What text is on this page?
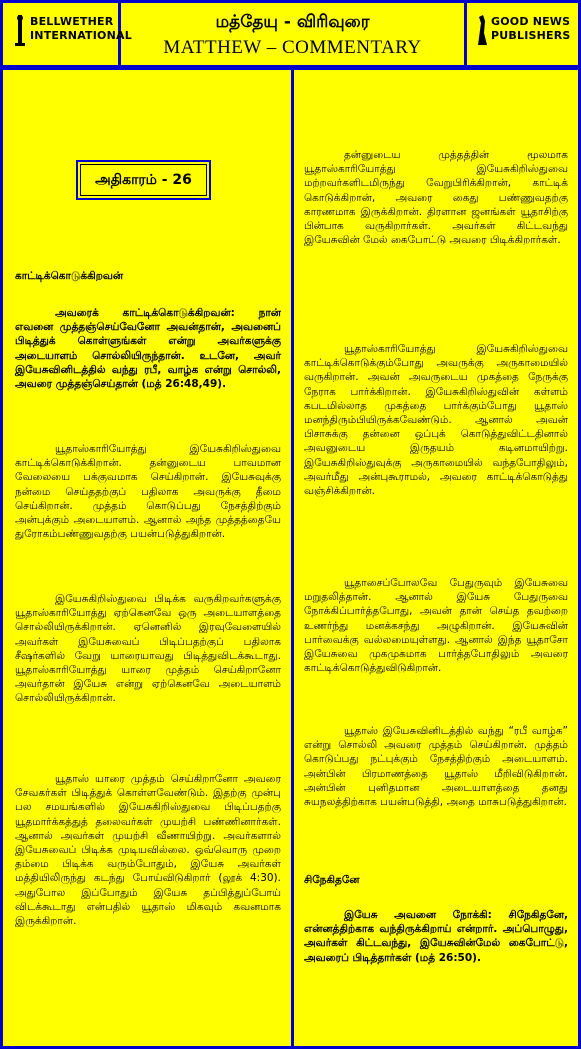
BELLWETHER
INTERNATIONAL
மத்தேயு - விரிவுரை
MATTHEW – COMMENTARY
GOOD NEWS
PUBLISHERS
அதிகாரம் - 26
காட்டிக்கொடுக்கிறவன்

அவரைக் காட்டிக்கொடுக்கிறவன்: நான் எவனை முத்தஞ்செய்வேனோ அவன்தான், அவனைப் பிடித்துக் கொள்ளுங்கள் என்று அவர்களுக்கு அடையாளம் சொல்லியிருந்தான். உடனே, அவர் இயேசுவினிடத்தில் வந்து ரபீ, வாழ்க என்று சொல்லி, அவரை முத்தஞ்செய்தான் (மத் 26:48,49).

யூதாஸ்காரியோத்து இயேசுகிறிஸ்துவை காட்டிக்கொடுக்கிறான். தன்னுடைய பாவமான வேலையை பக்குவமாக செய்கிறான். இயேசுவுக்கு நன்மை செய்ததற்குப் பதிலாக அவருக்கு தீமை செய்கிறான். முத்தம் கொடுப்பது நேசத்திற்கும் அன்புக்கும் அடையாளம். ஆனால் அந்த முத்தத்தையே துரோகம்பண்ணுவதற்கு பயன்படுத்துகிறான்.

இயேசுகிறிஸ்துவை பிடிக்க வருகிறவர்களுக்கு யூதாஸ்காரியோத்து ஏற்கெனவே ஒரு அடையாளத்தை சொல்லியிருக்கிறான். ஏனெனில் இரவுவேளையில் அவர்கள் இயேசுவைப் பிடிப்பதற்குப் பதிலாக சீஷர்களில் வேறு யாரையாவது பிடித்துவிடக்கூடாது. யூதாஸ்காரியோத்து யாரை முத்தம் செய்கிறானோ அவர்தான் இயேசு என்று ஏற்கெனவே அடையாளம் சொல்லியிருக்கிறான்.

யூதாஸ் யாரை முத்தம் செய்கிறானோ அவரை சேவகர்கள் பிடித்துக் கொள்ளவேண்டும். இதற்கு முன்பு பல சமயங்களில் இயேசுகிறிஸ்துவை பிடிப்பதற்கு யூதமார்க்கத்துத் தலைவர்கள் முயற்சி பண்ணினார்கள். ஆனால் அவர்கள் முயற்சி வீணாயிற்று. அவர்களால் இயேசுவைப் பிடிக்க முடியவில்லை. ஒவ்வொரு முறை தம்மை பிடிக்க வரும்போதும், இயேசு அவர்கள் மத்தியிலிருந்து கடந்து போய்விடுகிறார் (லூக் 4:30). அதுபோல இப்போதும் இயேசு தப்பித்துப்போய் விடக்கூடாது என்பதில் யூதாஸ் மிகவும் கவனமாக இருக்கிறான்.

தன்னுடைய முத்தத்தின் மூலமாக யூதாஸ்காரியோத்து இயேசுகிறிஸ்துவை மற்றவர்களிடமிருந்து வேறுபிரிக்கிறான், காட்டிக் கொடுக்கிறான், அவரை கைது பண்ணுவதற்கு காரணமாக இருக்கிறான். திரளான ஜனங்கள் யூதாசிற்கு பின்பாக வருகிறார்கள். அவர்கள் கிட்டவந்து இயேசுவின் மேல் கைபோட்டு அவரை பிடிக்கிறார்கள்.

யூதாஸ்காரியோத்து இயேசுகிறிஸ்துவை காட்டிக்கொடுக்கும்போது அவருக்கு அருகாமையில் வருகிறான். அவன் அவருடைய முகத்தை நேருக்கு நேராக பார்க்கிறான். இயேசுகிறிஸ்துவின் கள்ளம் கபடமில்லாத முகத்தை பார்க்கும்போது யூதாஸ் மனந்திரும்பியிருக்கவேண்டும். ஆனால் அவன் பிசாசுக்கு தன்னை ஒப்புக் கொடுத்துவிட்டதினால் அவனுடைய இருதயம் கடினமாயிற்று. இயேசுகிறிஸ்துவுக்கு அருகாமையில் வந்தபோதிலும், அவர்மீது அன்புகூராமல், அவரை காட்டிக்கொடுத்து வஞ்சிக்கிறான்.

யூதாசைப்போலவே பேதுருவும் இயேசுவை மறுதலித்தான். ஆனால் இயேசு பேதுருவை நோக்கிப்பார்த்தபோது, அவன் தான் செய்த தவற்றை உணர்ந்து மனக்கசந்து அழுகிறான். இயேசுவின் பார்வைக்கு வல்லமையுள்ளது. ஆனால் இந்த யூதாசோ இயேசுவை முகமுகமாக பார்த்தபோதிலும் அவரை காட்டிக்கொடுத்துவிடுகிறான்.

யூதாஸ் இயேசுவினிடத்தில் வந்து “ரபீ வாழ்க” என்று சொல்லி அவரை முத்தம் செய்கிறான். முத்தம் கொடுப்பது நட்புக்கும் நேசத்திற்கும் அடையாளம். அன்பின் பிரமாணத்தை யூதாஸ் மீறிவிடுகிறான். அன்பின் புனிதமான அடையாளத்தை தனது சுயநலத்திற்காக பயன்படுத்தி, அதை மாசுபடுத்துகிறான்.

சிநேகிதனே

இயேசு அவனை நோக்கி: சிநேகிதனே, என்னத்திற்காக வந்திருக்கிறாய் என்றார். அப்பொழுது, அவர்கள் கிட்டவந்து, இயேசுவின்மேல் கைபோட்டு, அவரைப் பிடித்தார்கள் (மத் 26:50).
